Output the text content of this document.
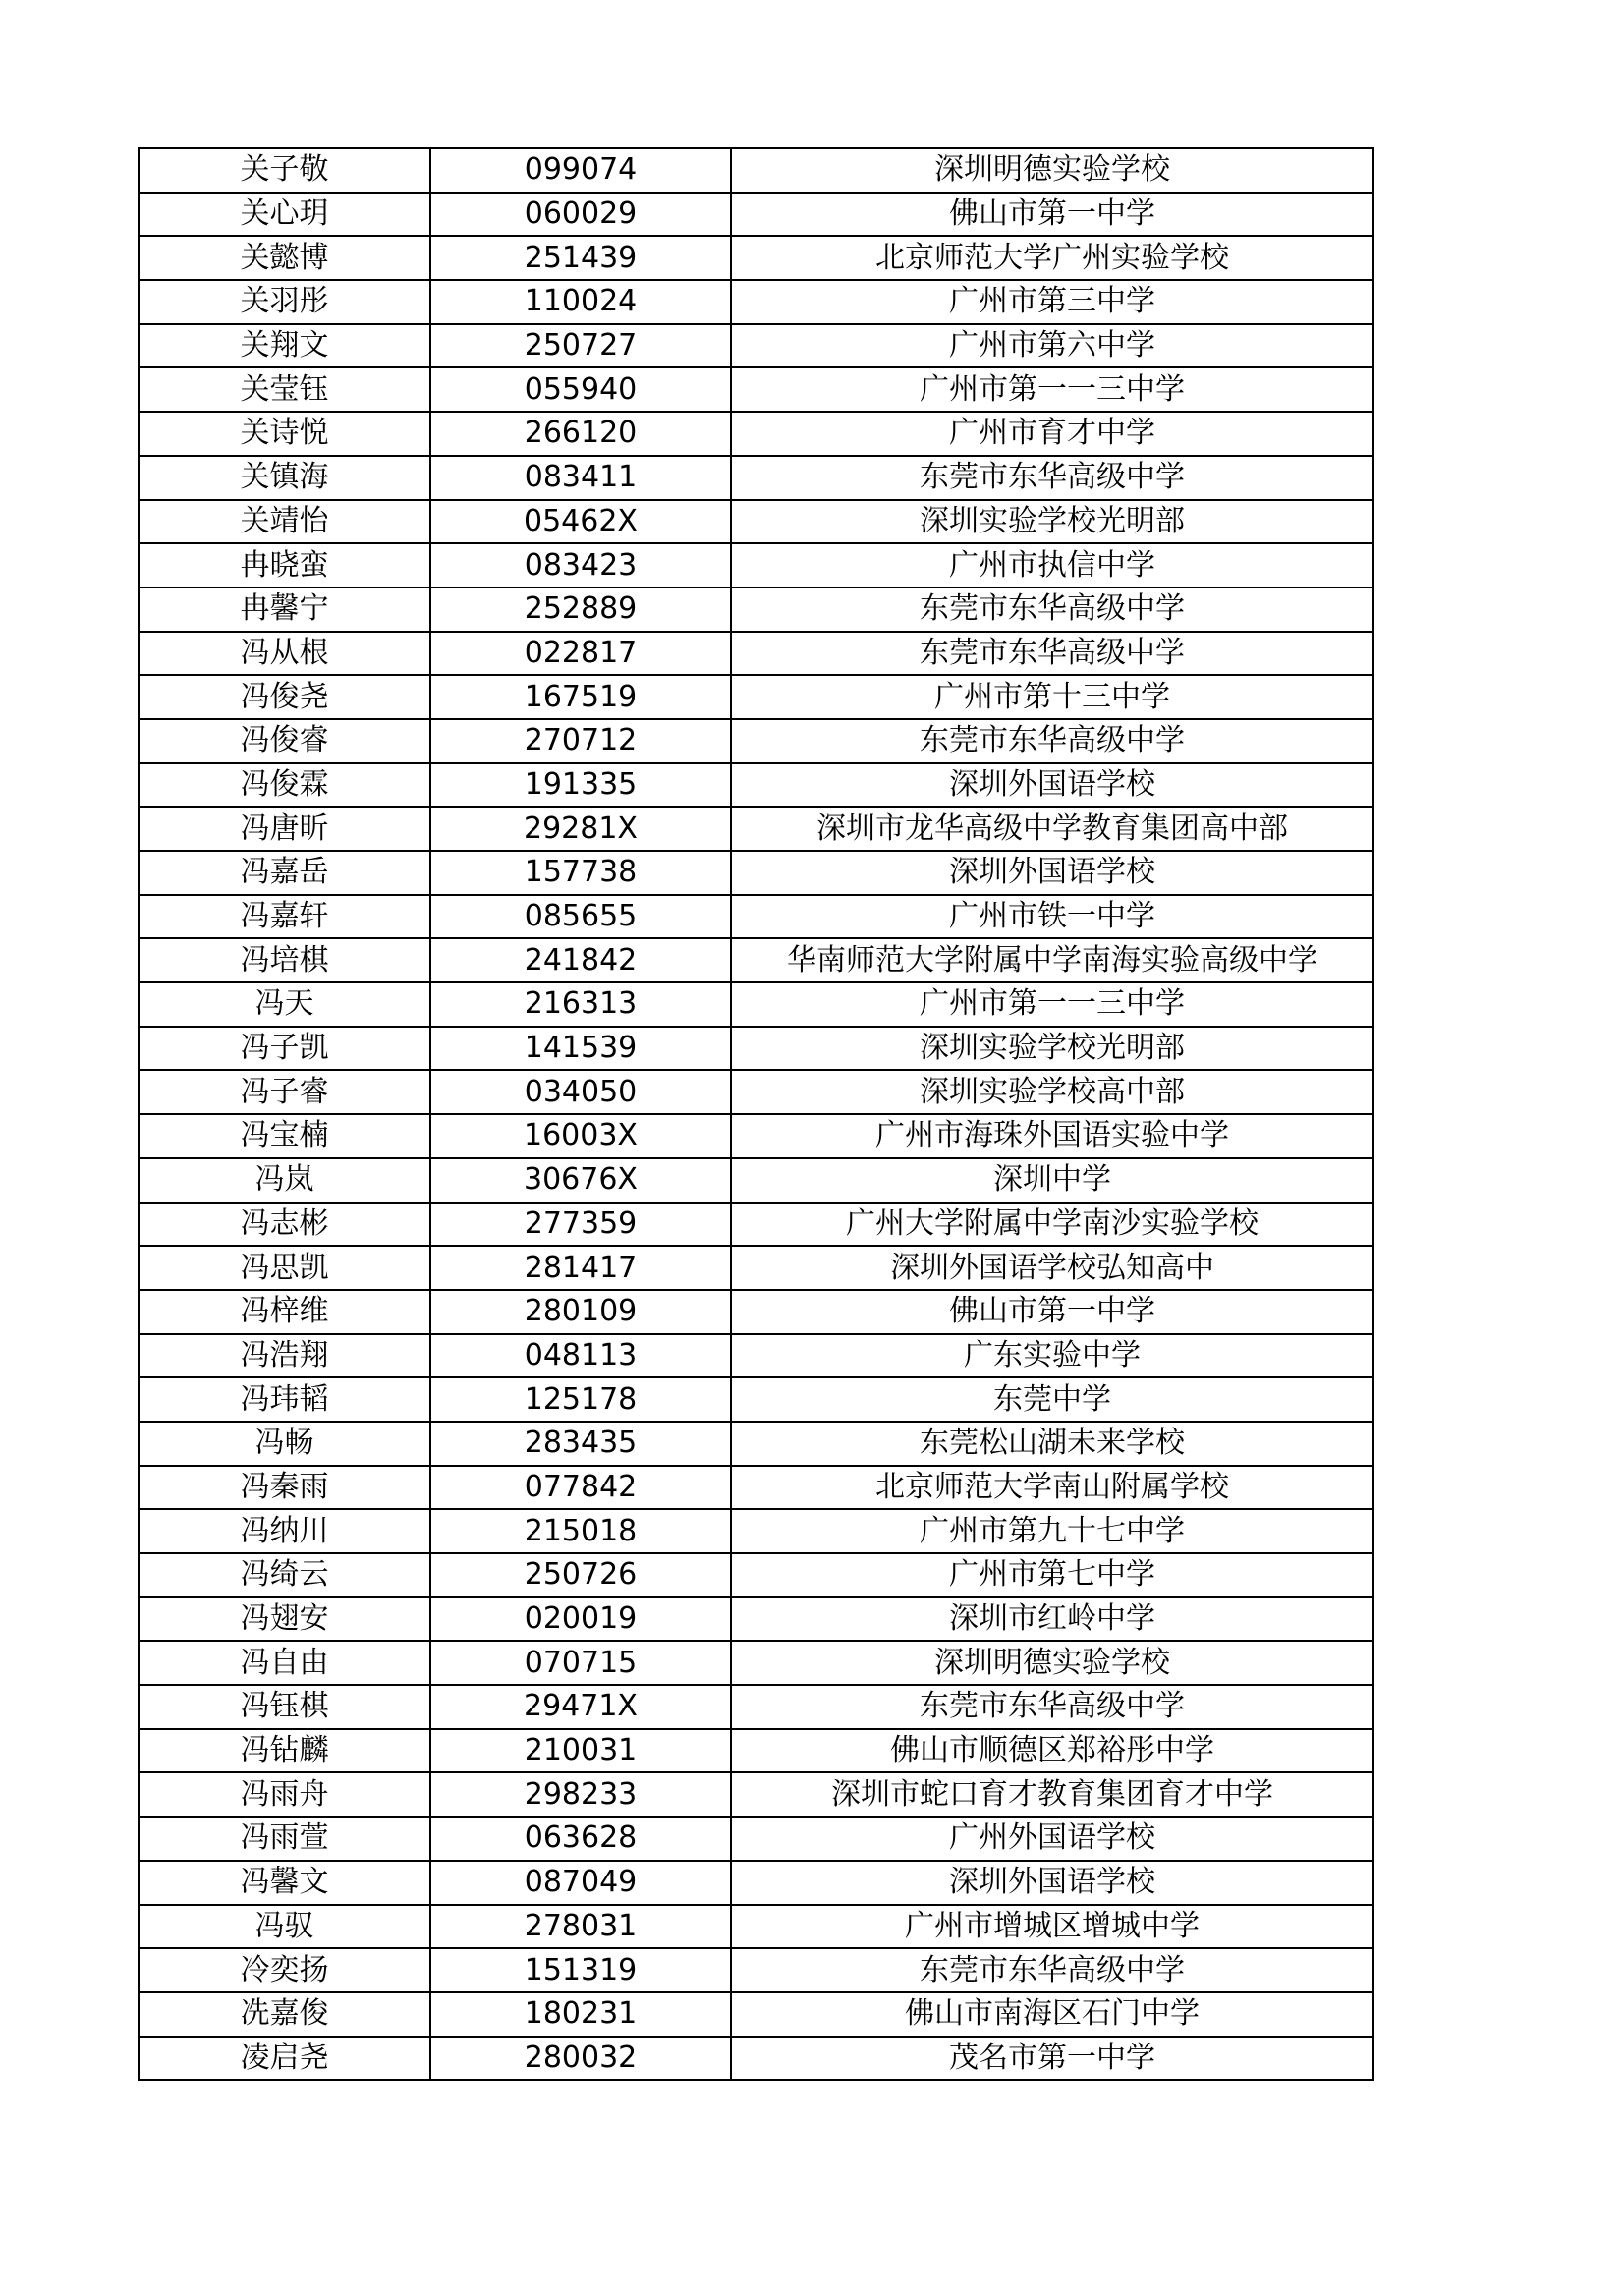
关子敬	099074	深圳明德实验学校
关心玥	060029	佛山市第一中学
关懿博	251439	北京师范大学广州实验学校
关羽彤	110024	广州市第三中学
关翔文	250727	广州市第六中学
关莹钰	055940	广州市第一一三中学
关诗悦	266120	广州市育才中学
关镇海	083411	东莞市东华高级中学
关靖怡	05462X	深圳实验学校光明部
冉晓蛮	083423	广州市执信中学
冉馨宁	252889	东莞市东华高级中学
冯从根	022817	东莞市东华高级中学
冯俊尧	167519	广州市第十三中学
冯俊睿	270712	东莞市东华高级中学
冯俊霖	191335	深圳外国语学校
冯唐昕	29281X	深圳市龙华高级中学教育集团高中部
冯嘉岳	157738	深圳外国语学校
冯嘉轩	085655	广州市铁一中学
冯培棋	241842	华南师范大学附属中学南海实验高级中学
冯天	216313	广州市第一一三中学
冯子凯	141539	深圳实验学校光明部
冯子睿	034050	深圳实验学校高中部
冯宝楠	16003X	广州市海珠外国语实验中学
冯岚	30676X	深圳中学
冯志彬	277359	广州大学附属中学南沙实验学校
冯思凯	281417	深圳外国语学校弘知高中
冯梓维	280109	佛山市第一中学
冯浩翔	048113	广东实验中学
冯玮韬	125178	东莞中学
冯畅	283435	东莞松山湖未来学校
冯秦雨	077842	北京师范大学南山附属学校
冯纳川	215018	广州市第九十七中学
冯绮云	250726	广州市第七中学
冯翅安	020019	深圳市红岭中学
冯自由	070715	深圳明德实验学校
冯钰棋	29471X	东莞市东华高级中学
冯钻麟	210031	佛山市顺德区郑裕彤中学
冯雨舟	298233	深圳市蛇口育才教育集团育才中学
冯雨萱	063628	广州外国语学校
冯馨文	087049	深圳外国语学校
冯驭	278031	广州市增城区增城中学
冷奕扬	151319	东莞市东华高级中学
冼嘉俊	180231	佛山市南海区石门中学
凌启尧	280032	茂名市第一中学
